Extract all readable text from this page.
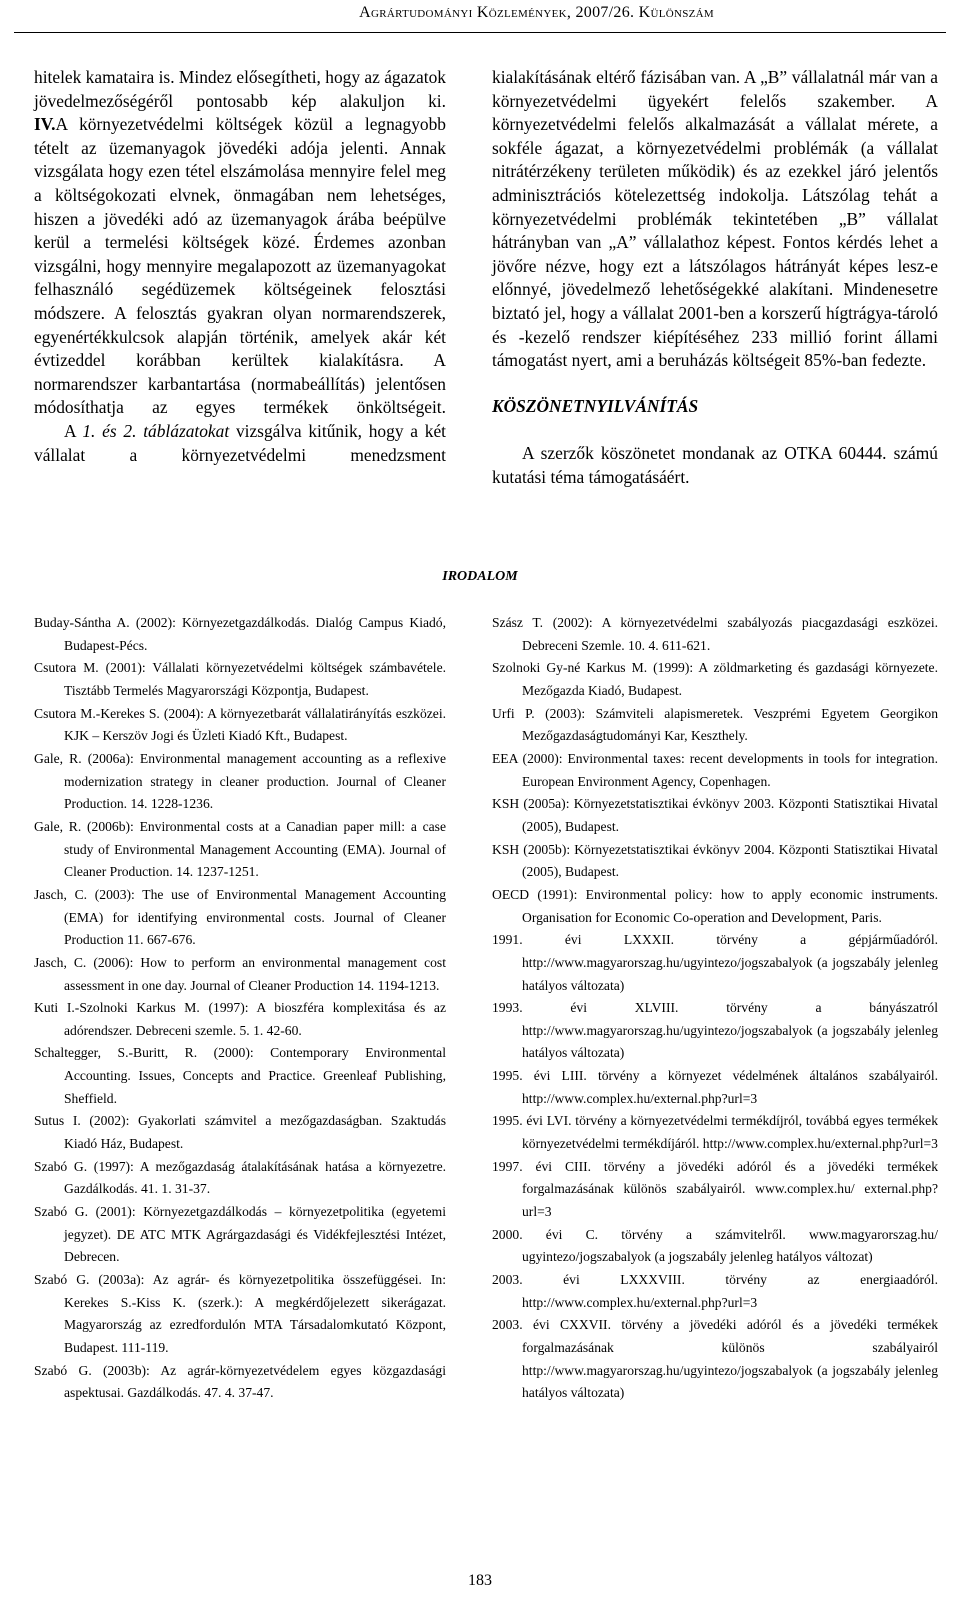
Agrártudományi Közlemények, 2007/26. Különszám

hitelek kamataira is. Mindez elősegítheti, hogy az ágazatok jövedelmezőségéről pontosabb kép alakuljon ki.

IV.A környezetvédelmi költségek közül a legnagyobb tételt az üzemanyagok jövedéki adója jelenti. Annak vizsgálata hogy ezen tétel elszámolása mennyire felel meg a költségokozati elvnek, önmagában nem lehetséges, hiszen a jövedéki adó az üzemanyagok árába beépülve kerül a termelési költségek közé. Érdemes azonban vizsgálni, hogy mennyire megalapozott az üzemanyagokat felhasználó segédüzemek költségeinek felosztási módszere. A felosztás gyakran olyan normarendszerek, egyenértékkulcsok alapján történik, amelyek akár két évtizeddel korábban kerültek kialakításra. A normarendszer karbantartása (normabeállítás) jelentősen módosíthatja az egyes termékek önköltségeit.

A 1. és 2. táblázatokat vizsgálva kitűnik, hogy a két vállalat a környezetvédelmi menedzsment

kialakításának eltérő fázisában van. A „B” vállalatnál már van a környezetvédelmi ügyekért felelős szakember. A környezetvédelmi felelős alkalmazását a vállalat mérete, a sokféle ágazat, a környezetvédelmi problémák (a vállalat nitrátérzékeny területen működik) és az ezekkel járó jelentős adminisztrációs kötelezettség indokolja. Látszólag tehát a környezetvédelmi problémák tekintetében „B” vállalat hátrányban van „A” vállalathoz képest. Fontos kérdés lehet a jövőre nézve, hogy ezt a látszólagos hátrányát képes lesz-e előnnyé, jövedelmező lehetőségekké alakítani. Mindenesetre biztató jel, hogy a vállalat 2001-ben a korszerű hígtrágya-tároló és -kezelő rendszer kiépítéséhez 233 millió forint állami támogatást nyert, ami a beruházás költségeit 85%-ban fedezte.

KÖSZÖNETNYILVÁNÍTÁS

A szerzők köszönetet mondanak az OTKA 60444. számú kutatási téma támogatásáért.

IRODALOM

Buday-Sántha A. (2002): Környezetgazdálkodás. Dialóg Campus Kiadó, Budapest-Pécs.

Csutora M. (2001): Vállalati környezetvédelmi költségek számbavétele. Tisztább Termelés Magyarországi Központja, Budapest.

Csutora M.-Kerekes S. (2004): A környezetbarát vállalatirányítás eszközei. KJK – Kerszöv Jogi és Üzleti Kiadó Kft., Budapest.

Gale, R. (2006a): Environmental management accounting as a reflexive modernization strategy in cleaner production. Journal of Cleaner Production. 14. 1228-1236.

Gale, R. (2006b): Environmental costs at a Canadian paper mill: a case study of Environmental Management Accounting (EMA). Journal of Cleaner Production. 14. 1237-1251.

Jasch, C. (2003): The use of Environmental Management Accounting (EMA) for identifying environmental costs. Journal of Cleaner Production 11. 667-676.

Jasch, C. (2006): How to perform an environmental management cost assessment in one day. Journal of Cleaner Production 14. 1194-1213.

Kuti I.-Szolnoki Karkus M. (1997): A bioszféra komplexitása és az adórendszer. Debreceni szemle. 5. 1. 42-60.

Schaltegger, S.-Buritt, R. (2000): Contemporary Environmental Accounting. Issues, Concepts and Practice. Greenleaf Publishing, Sheffield.

Sutus I. (2002): Gyakorlati számvitel a mezőgazdaságban. Szaktudás Kiadó Ház, Budapest.

Szabó G. (1997): A mezőgazdaság átalakításának hatása a környezetre. Gazdálkodás. 41. 1. 31-37.

Szabó G. (2001): Környezetgazdálkodás – környezetpolitika (egyetemi jegyzet). DE ATC MTK Agrárgazdasági és Vidékfejlesztési Intézet, Debrecen.

Szabó G. (2003a): Az agrár- és környezetpolitika összefüggései. In: Kerekes S.-Kiss K. (szerk.): A megkérdőjelezett sikerágazat. Magyarország az ezredfordulón MTA Társadalomkutató Központ, Budapest. 111-119.

Szabó G. (2003b): Az agrár-környezetvédelem egyes közgazdasági aspektusai. Gazdálkodás. 47. 4. 37-47.

Szász T. (2002): A környezetvédelmi szabályozás piacgazdasági eszközei. Debreceni Szemle. 10. 4. 611-621.

Szolnoki Gy-né Karkus M. (1999): A zöldmarketing és gazdasági környezete. Mezőgazda Kiadó, Budapest.

Urfi P. (2003): Számviteli alapismeretek. Veszprémi Egyetem Georgikon Mezőgazdaságtudományi Kar, Keszthely.

EEA (2000): Environmental taxes: recent developments in tools for integration. European Environment Agency, Copenhagen.

KSH (2005a): Környezetstatisztikai évkönyv 2003. Központi Statisztikai Hivatal (2005), Budapest.

KSH (2005b): Környezetstatisztikai évkönyv 2004. Központi Statisztikai Hivatal (2005), Budapest.

OECD (1991): Environmental policy: how to apply economic instruments. Organisation for Economic Co-operation and Development, Paris.

1991. évi LXXXII. törvény a gépjárműadóról. http://www.magyarorszag.hu/ugyintezo/jogszabalyok (a jogszabály jelenleg hatályos változata)

1993. évi XLVIII. törvény a bányászatról http://www.magyarorszag.hu/ugyintezo/jogszabalyok (a jogszabály jelenleg hatályos változata)

1995. évi LIII. törvény a környezet védelmének általános szabályairól. http://www.complex.hu/external.php?url=3

1995. évi LVI. törvény a környezetvédelmi termékdíjról, továbbá egyes termékek környezetvédelmi termékdíjáról. http://www.complex.hu/external.php?url=3

1997. évi CIII. törvény a jövedéki adóról és a jövedéki termékek forgalmazásának különös szabályairól. www.complex.hu/ external.php?url=3

2000. évi C. törvény a számvitelről. www.magyarorszag.hu/ ugyintezo/jogszabalyok (a jogszabály jelenleg hatályos változat)

2003. évi LXXXVIII. törvény az energiaadóról. http://www.complex.hu/external.php?url=3

2003. évi CXXVII. törvény a jövedéki adóról és a jövedéki termékek forgalmazásának különös szabályairól http://www.magyarorszag.hu/ugyintezo/jogszabalyok (a jogszabály jelenleg hatályos változata)

183
